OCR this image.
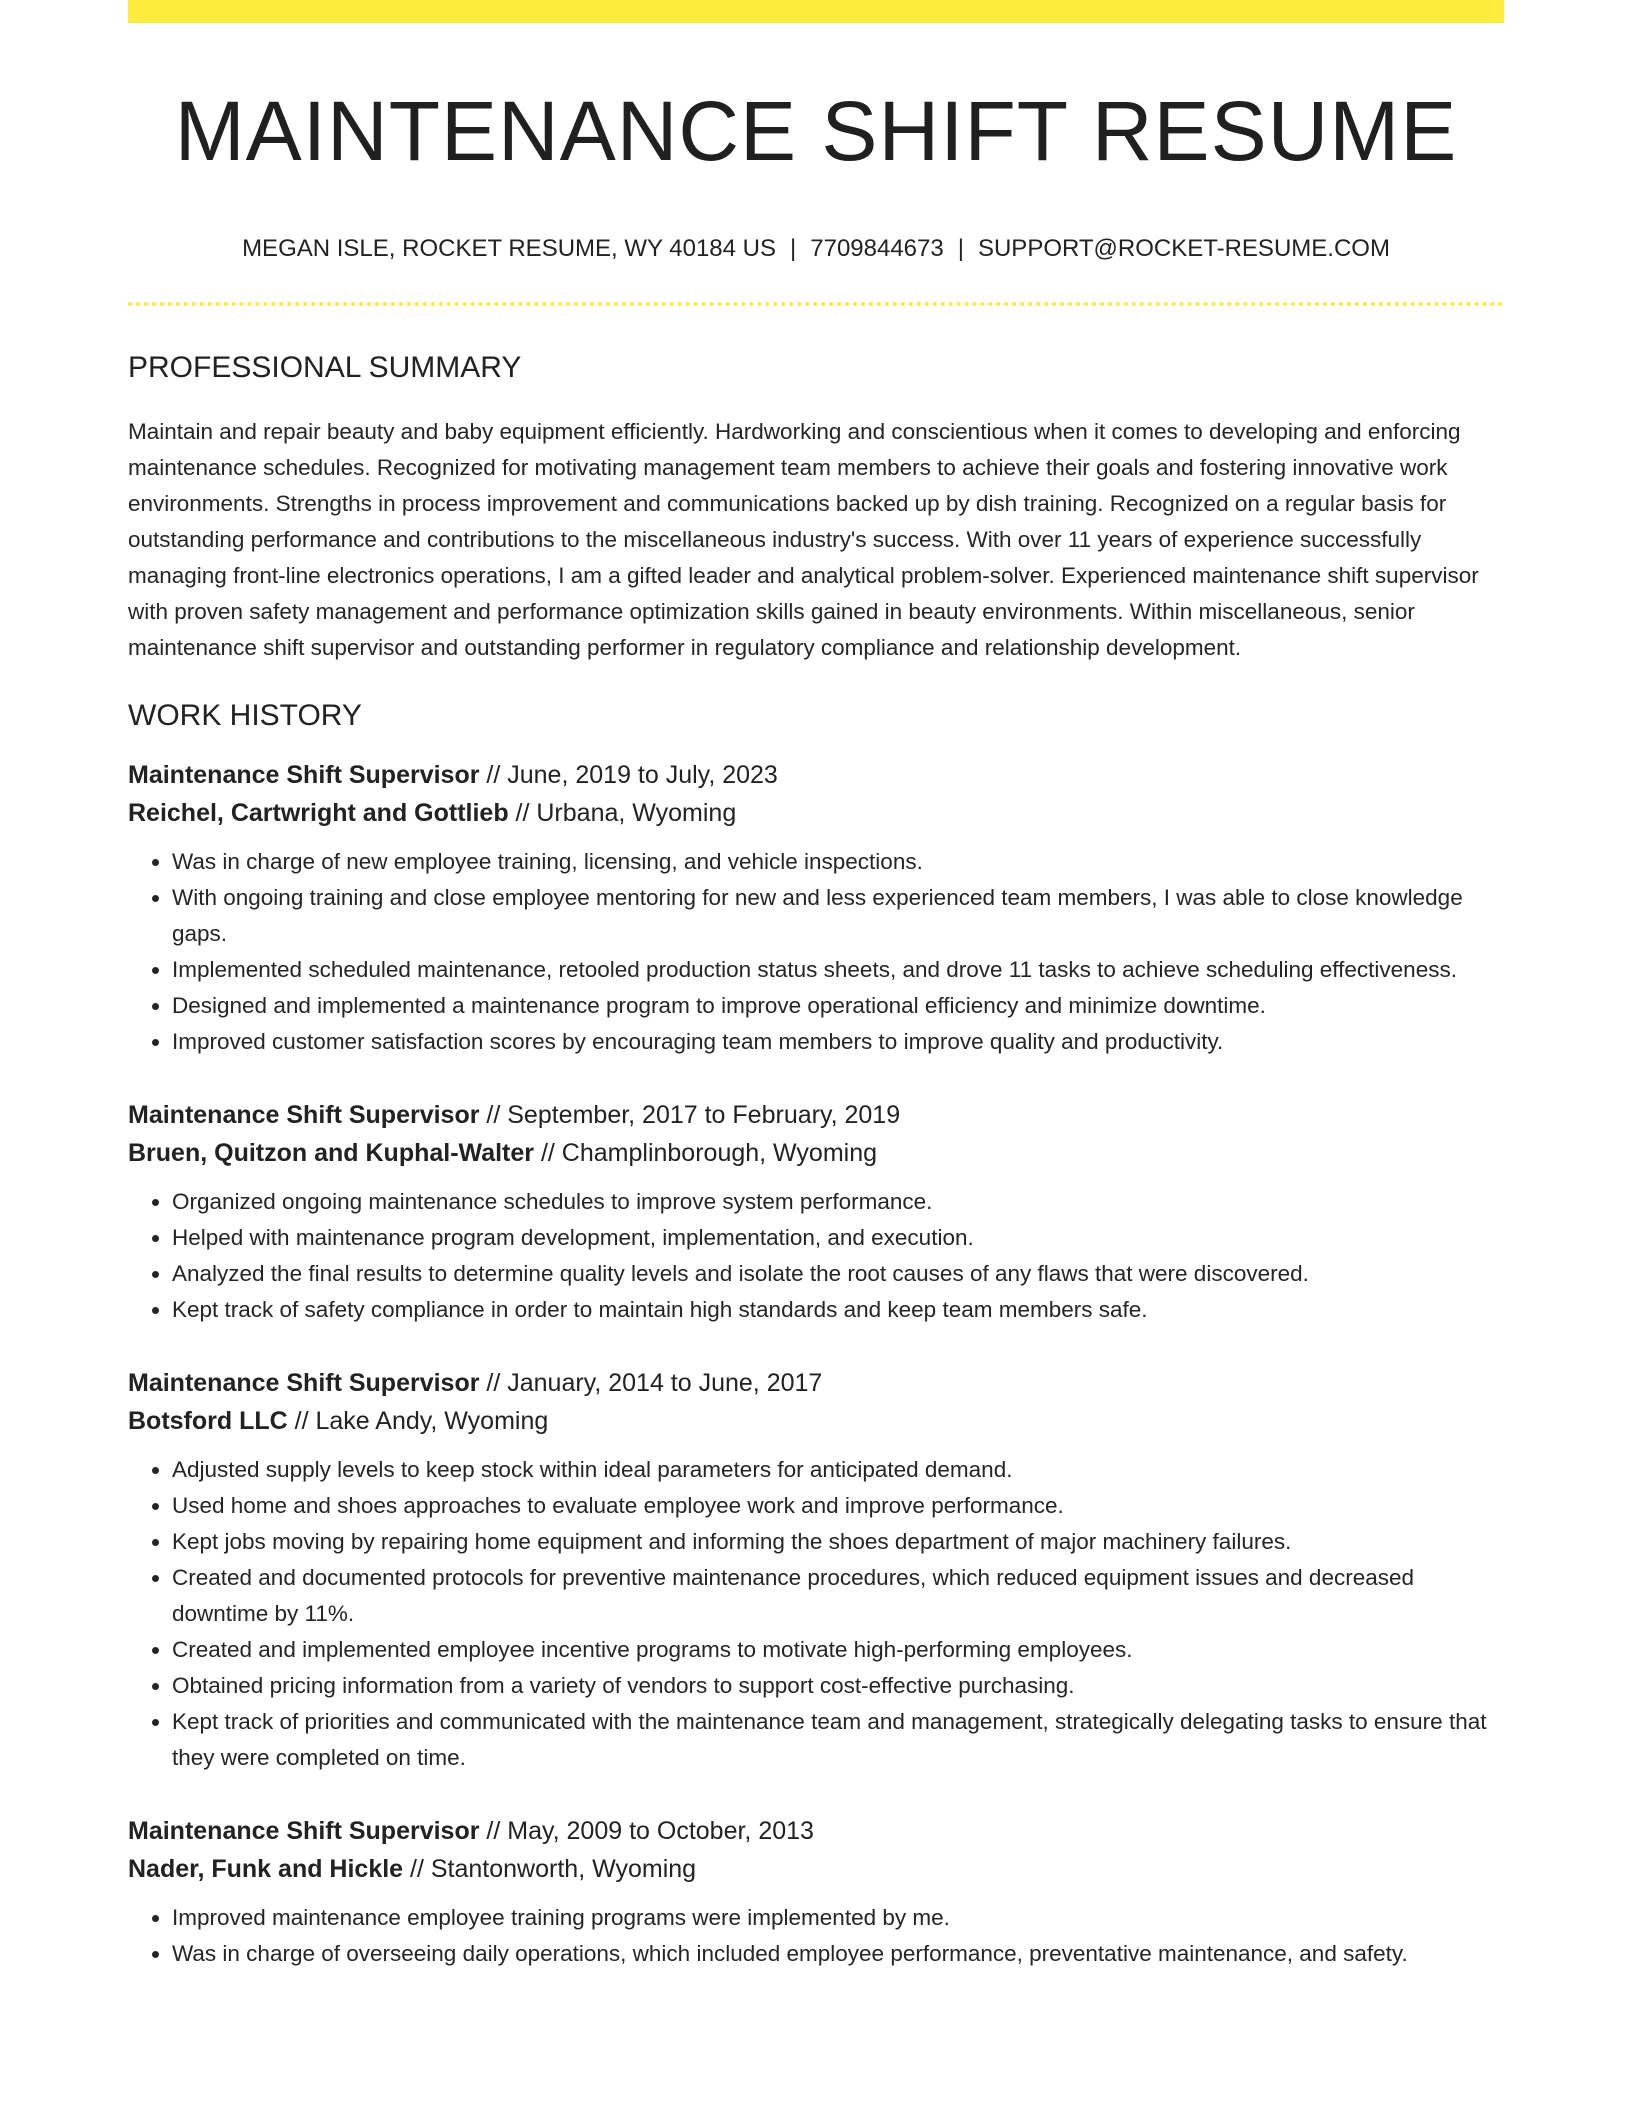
MAINTENANCE SHIFT RESUME
MEGAN ISLE, ROCKET RESUME, WY 40184 US | 7709844673 | SUPPORT@ROCKET-RESUME.COM
PROFESSIONAL SUMMARY

Maintain and repair beauty and baby equipment efficiently. Hardworking and conscientious when it comes to developing and enforcing maintenance schedules. Recognized for motivating management team members to achieve their goals and fostering innovative work environments. Strengths in process improvement and communications backed up by dish training. Recognized on a regular basis for outstanding performance and contributions to the miscellaneous industry's success. With over 11 years of experience successfully managing front-line electronics operations, I am a gifted leader and analytical problem-solver. Experienced maintenance shift supervisor with proven safety management and performance optimization skills gained in beauty environments. Within miscellaneous, senior maintenance shift supervisor and outstanding performer in regulatory compliance and relationship development.

WORK HISTORY
Maintenance Shift Supervisor // June, 2019 to July, 2023
Reichel, Cartwright and Gottlieb // Urbana, Wyoming
• Was in charge of new employee training, licensing, and vehicle inspections.
• With ongoing training and close employee mentoring for new and less experienced team members, I was able to close knowledge gaps.
• Implemented scheduled maintenance, retooled production status sheets, and drove 11 tasks to achieve scheduling effectiveness.
• Designed and implemented a maintenance program to improve operational efficiency and minimize downtime.
• Improved customer satisfaction scores by encouraging team members to improve quality and productivity.
Maintenance Shift Supervisor // September, 2017 to February, 2019
Bruen, Quitzon and Kuphal-Walter // Champlinborough, Wyoming
• Organized ongoing maintenance schedules to improve system performance.
• Helped with maintenance program development, implementation, and execution.
• Analyzed the final results to determine quality levels and isolate the root causes of any flaws that were discovered.
• Kept track of safety compliance in order to maintain high standards and keep team members safe.
Maintenance Shift Supervisor // January, 2014 to June, 2017
Botsford LLC // Lake Andy, Wyoming
• Adjusted supply levels to keep stock within ideal parameters for anticipated demand.
• Used home and shoes approaches to evaluate employee work and improve performance.
• Kept jobs moving by repairing home equipment and informing the shoes department of major machinery failures.
• Created and documented protocols for preventive maintenance procedures, which reduced equipment issues and decreased downtime by 11%.
• Created and implemented employee incentive programs to motivate high-performing employees.
• Obtained pricing information from a variety of vendors to support cost-effective purchasing.
• Kept track of priorities and communicated with the maintenance team and management, strategically delegating tasks to ensure that they were completed on time.
Maintenance Shift Supervisor // May, 2009 to October, 2013
Nader, Funk and Hickle // Stantonworth, Wyoming
• Improved maintenance employee training programs were implemented by me.
• Was in charge of overseeing daily operations, which included employee performance, preventative maintenance, and safety.
